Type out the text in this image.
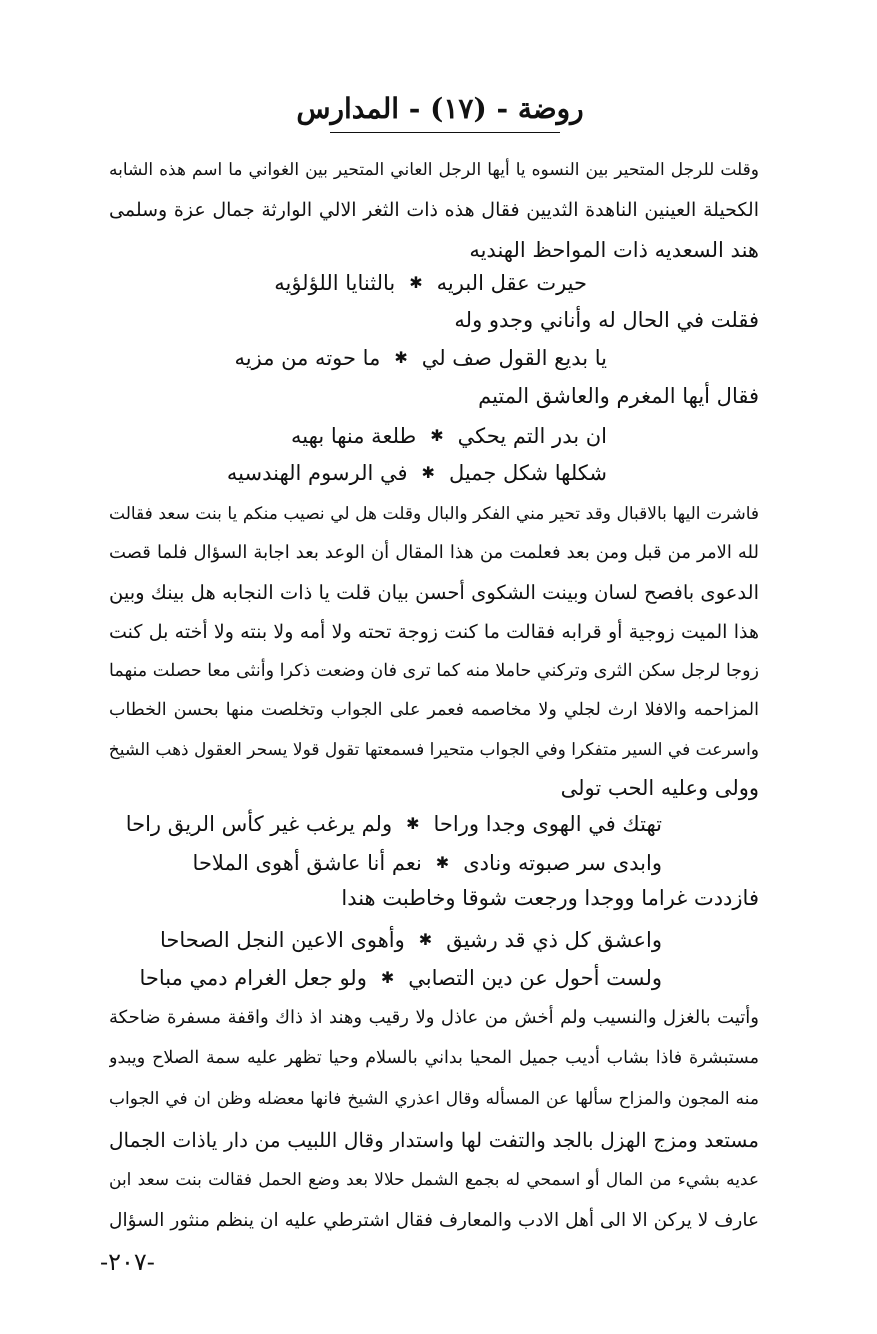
روضة - (١٧) - المدارس
وقلت للرجل المتحير بين النسوه يا أيها الرجل العاني المتحير بين الغواني ما اسم هذه الشابه
الكحيلة العينين الناهدة الثديين فقال هذه ذات الثغر الالي الوارثة جمال عزة وسلمى
هند السعديه ذات المواحظ الهنديه
حيرت عقل البريه
✱
بالثنايا اللؤلؤيه
فقلت في الحال له وأناني وجدو وله
يا بديع القول صف لي
✱
ما حوته من مزيه
فقال أيها المغرم والعاشق المتيم
ان بدر التم يحكي
✱
طلعة منها بهيه
شكلها شكل جميل
✱
في الرسوم الهندسيه
فاشرت اليها بالاقبال وقد تحير مني الفكر والبال وقلت هل لي نصيب منكم يا بنت سعد فقالت
لله الامر من قبل ومن بعد فعلمت من هذا المقال أن الوعد بعد اجابة السؤال فلما قصت
الدعوى بافصح لسان وبينت الشكوى أحسن بيان قلت يا ذات النجابه هل بينك وبين
هذا الميت زوجية أو قرابه فقالت ما كنت زوجة تحته ولا أمه ولا بنته ولا أخته بل كنت
زوجا لرجل سكن الثرى وتركني حاملا منه كما ترى فان وضعت ذكرا وأنثى معا حصلت منهما
المزاحمه والافلا ارث لجلي ولا مخاصمه فعمر على الجواب وتخلصت منها بحسن الخطاب
واسرعت في السير متفكرا وفي الجواب متحيرا فسمعتها تقول قولا يسحر العقول ذهب الشيخ
وولى وعليه الحب تولى
تهتك في الهوى وجدا وراحا
✱
ولم يرغب غير كأس الريق راحا
وابدى سر صبوته ونادى
✱
نعم أنا عاشق أهوى الملاحا
فازددت غراما ووجدا ورجعت شوقا وخاطبت هندا
واعشق كل ذي قد رشيق
✱
وأهوى الاعين النجل الصحاحا
ولست أحول عن دين التصابي
✱
ولو جعل الغرام دمي مباحا
وأتيت بالغزل والنسيب ولم أخش من عاذل ولا رقيب وهند اذ ذاك واقفة مسفرة ضاحكة
مستبشرة فاذا بشاب أديب جميل المحيا بداني بالسلام وحيا تظهر عليه سمة الصلاح ويبدو
منه المجون والمزاح سألها عن المسأله وقال اعذري الشيخ فانها معضله وظن ان في الجواب
مستعد ومزج الهزل بالجد والتفت لها واستدار وقال اللبيب من دار ياذات الجمال
عديه بشيء من المال أو اسمحي له بجمع الشمل حلالا بعد وضع الحمل فقالت بنت سعد ابن
عارف لا يركن الا الى أهل الادب والمعارف فقال اشترطي عليه ان ينظم منثور السؤال
-٢٠٧-
